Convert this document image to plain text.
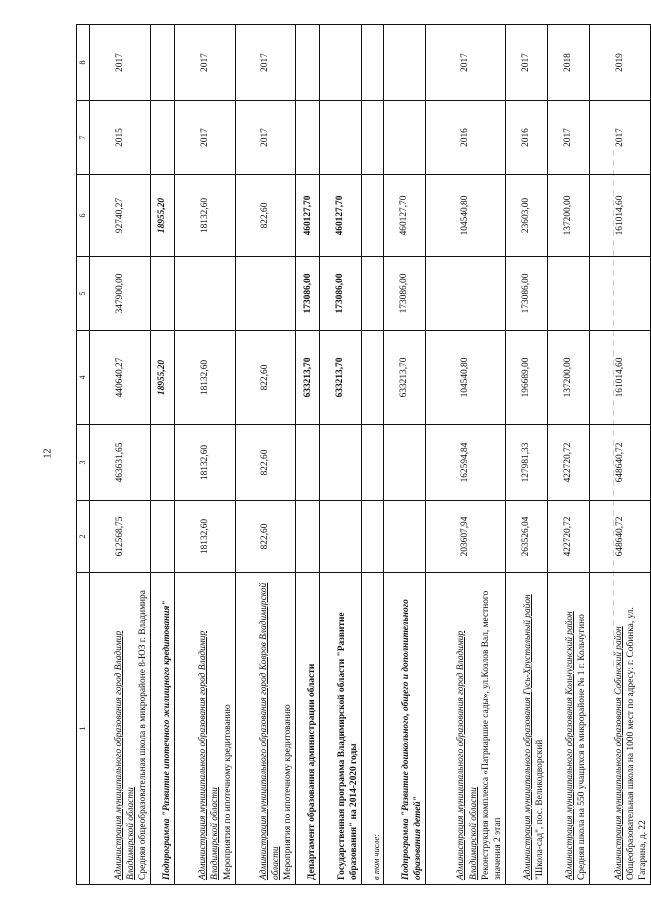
12
1	2	3	4	5	6	7	8

Администрация муниципального образования город Владимир Владимирской области Средняя общеобразовательная школа в микрорайоне 8-ЮЗ г. Владимира	612568,75	463631,65	440640,27	347900,00	92740,27	2015	2017

Подпрограмма "Развитие ипотечного жилищного кредитования"			18955,20		18955,20		

Администрация муниципального образования город Владимир Владимирской области Мероприятия по ипотечному кредитованию	18132,60	18132,60	18132,60		18132,60	2017	2017

Администрация муниципального образования город Ковров Владимирской области Мероприятия по ипотечному кредитованию	822,60	822,60	822,60		822,60	2017	2017

Департамент образования администрации области			633213,70	173086,00	460127,70		

Государственная программа Владимирской области "Развитие образования" на 2014-2020 годы			633213,70	173086,00	460127,70		

в том числе:							

Подпрограмма "Развитие дошкольного, общего и дополнительного образования детей"			633213,70	173086,00	460127,70		

Администрация муниципального образования город Владимир Владимирской области Реконструкция комплекса «Патриаршие сады», ул.Козлов Вал, местного значения 2 этап	203607,94	162594,84	104540,80		104540,80	2016	2017

Администрация муниципального образования Гусь-Хрустальный район "Школа-сад", пос. Великодворский	263526,04	127981,33	196689,00	173086,00	23603,00	2016	2017

Администрация муниципального образования Кольчугинский район Средняя школа на 550 учащихся в микрорайоне № 1 г. Кольчугино	422720,72	422720,72	137200,00		137200,00	2017	2018

Администрация муниципального образования Собинский район Общеобразовательная школа на 1000 мест по адресу: г. Собинка, ул. Гагарина, д. 22	648640,72	648640,72	161014,60		161014,60	2017	2019
